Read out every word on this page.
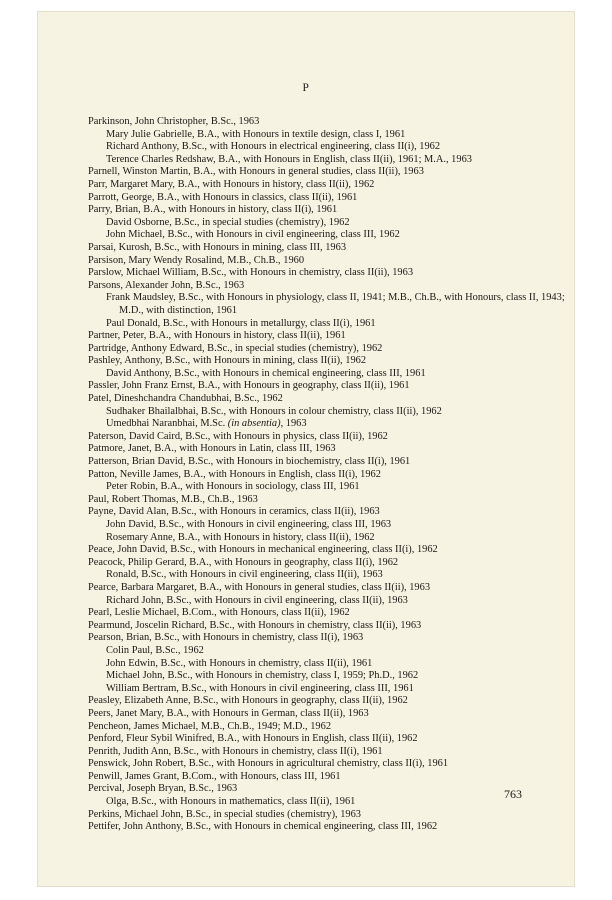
P

Parkinson, John Christopher, B.Sc., 1963

Mary Julie Gabrielle, B.A., with Honours in textile design, class I, 1961

Richard Anthony, B.Sc., with Honours in electrical engineering, class II(i), 1962

Terence Charles Redshaw, B.A., with Honours in English, class II(ii), 1961; M.A., 1963

Parnell, Winston Martin, B.A., with Honours in general studies, class II(ii), 1963

Parr, Margaret Mary, B.A., with Honours in history, class II(ii), 1962

Parrott, George, B.A., with Honours in classics, class II(ii), 1961

Parry, Brian, B.A., with Honours in history, class II(i), 1961

David Osborne, B.Sc., in special studies (chemistry), 1962

John Michael, B.Sc., with Honours in civil engineering, class III, 1962

Parsai, Kurosh, B.Sc., with Honours in mining, class III, 1963

Parsison, Mary Wendy Rosalind, M.B., Ch.B., 1960

Parslow, Michael William, B.Sc., with Honours in chemistry, class II(ii), 1963

Parsons, Alexander John, B.Sc., 1963

Frank Maudsley, B.Sc., with Honours in physiology, class II, 1941; M.B., Ch.B., with Honours, class II, 1943; M.D., with distinction, 1961

Paul Donald, B.Sc., with Honours in metallurgy, class II(i), 1961

Partner, Peter, B.A., with Honours in history, class II(ii), 1961

Partridge, Anthony Edward, B.Sc., in special studies (chemistry), 1962

Pashley, Anthony, B.Sc., with Honours in mining, class II(ii), 1962

David Anthony, B.Sc., with Honours in chemical engineering, class III, 1961

Passler, John Franz Ernst, B.A., with Honours in geography, class II(ii), 1961

Patel, Dineshchandra Chandubhai, B.Sc., 1962

Sudhaker Bhailalbhai, B.Sc., with Honours in colour chemistry, class II(ii), 1962

Umedbhai Naranbhai, M.Sc. (in absentia), 1963

Paterson, David Caird, B.Sc., with Honours in physics, class II(ii), 1962

Patmore, Janet, B.A., with Honours in Latin, class III, 1963

Patterson, Brian David, B.Sc., with Honours in biochemistry, class II(i), 1961

Patton, Neville James, B.A., with Honours in English, class II(i), 1962

Peter Robin, B.A., with Honours in sociology, class III, 1961

Paul, Robert Thomas, M.B., Ch.B., 1963

Payne, David Alan, B.Sc., with Honours in ceramics, class II(ii), 1963

John David, B.Sc., with Honours in civil engineering, class III, 1963

Rosemary Anne, B.A., with Honours in history, class II(ii), 1962

Peace, John David, B.Sc., with Honours in mechanical engineering, class II(i), 1962

Peacock, Philip Gerard, B.A., with Honours in geography, class II(i), 1962

Ronald, B.Sc., with Honours in civil engineering, class II(ii), 1963

Pearce, Barbara Margaret, B.A., with Honours in general studies, class II(ii), 1963

Richard John, B.Sc., with Honours in civil engineering, class II(ii), 1963

Pearl, Leslie Michael, B.Com., with Honours, class II(ii), 1962

Pearmund, Joscelin Richard, B.Sc., with Honours in chemistry, class II(ii), 1963

Pearson, Brian, B.Sc., with Honours in chemistry, class II(i), 1963

Colin Paul, B.Sc., 1962

John Edwin, B.Sc., with Honours in chemistry, class II(ii), 1961

Michael John, B.Sc., with Honours in chemistry, class I, 1959; Ph.D., 1962

William Bertram, B.Sc., with Honours in civil engineering, class III, 1961

Peasley, Elizabeth Anne, B.Sc., with Honours in geography, class II(ii), 1962

Peers, Janet Mary, B.A., with Honours in German, class II(ii), 1963

Pencheon, James Michael, M.B., Ch.B., 1949; M.D., 1962

Penford, Fleur Sybil Winifred, B.A., with Honours in English, class II(ii), 1962

Penrith, Judith Ann, B.Sc., with Honours in chemistry, class II(i), 1961

Penswick, John Robert, B.Sc., with Honours in agricultural chemistry, class II(i), 1961

Penwill, James Grant, B.Com., with Honours, class III, 1961

Percival, Joseph Bryan, B.Sc., 1963

Olga, B.Sc., with Honours in mathematics, class II(ii), 1961

Perkins, Michael John, B.Sc., in special studies (chemistry), 1963

Pettifer, John Anthony, B.Sc., with Honours in chemical engineering, class III, 1962

763
